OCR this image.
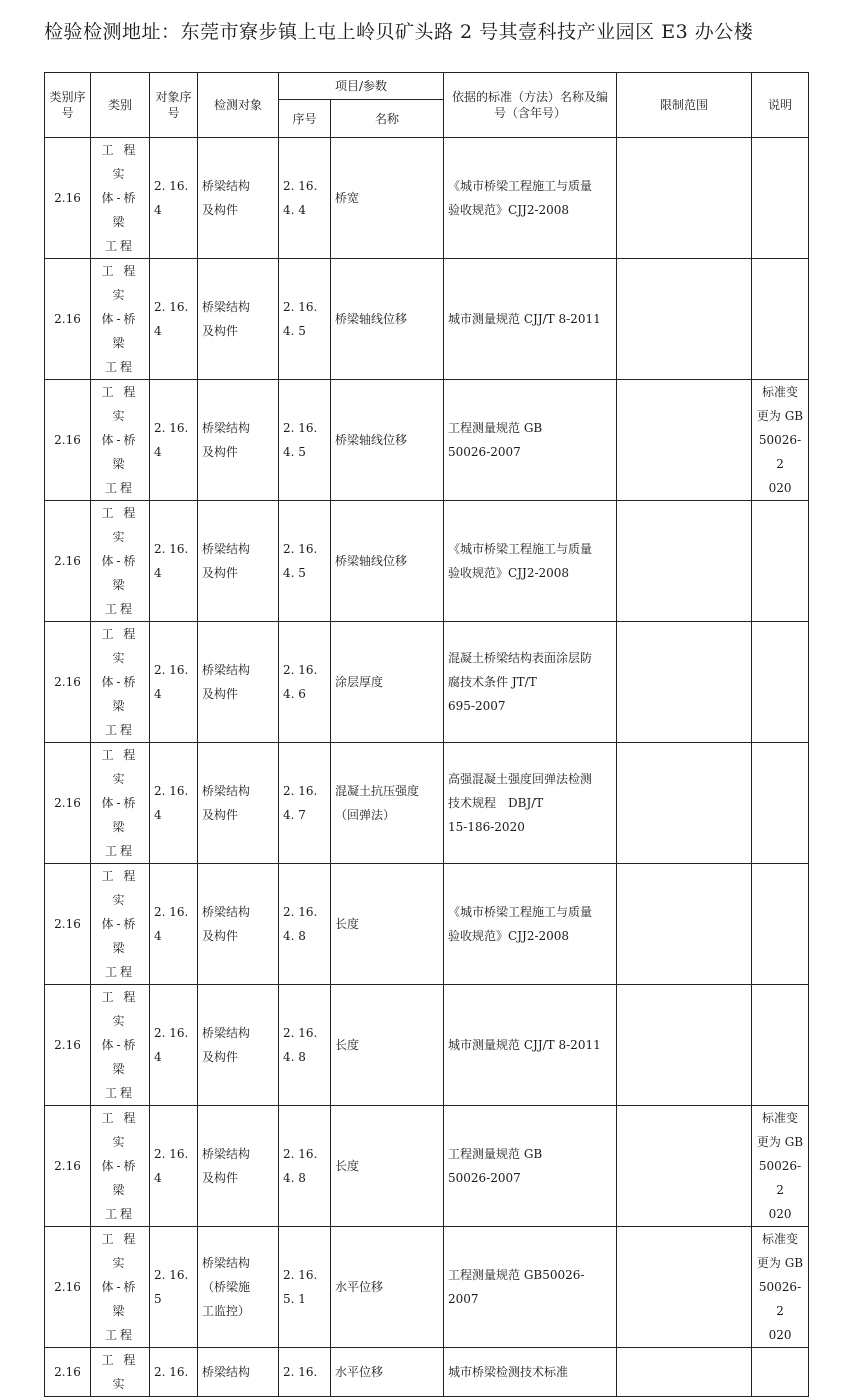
检验检测地址：东莞市寮步镇上屯上岭贝矿头路 2 号其壹科技产业园区 E3 办公楼
类别序号	类别	对象序号	检测对象	项目/参数		依据的标准（方法）名称及编号（含年号）	限制范围	说明
				序号	名称			
2.16	工 程 实
体-桥梁
工程	2. 16.
4	桥梁结构
及构件	2. 16.
4. 4	桥宽	《城市桥梁工程施工与质量
验收规范》CJJ2-2008		

2.16	工 程 实
体-桥梁
工程	2. 16.
4	桥梁结构
及构件	2. 16.
4. 5	桥梁轴线位移	城市测量规范 CJJ/T 8-2011		

2.16	工 程 实
体-桥梁
工程	2. 16.
4	桥梁结构
及构件	2. 16.
4. 5	桥梁轴线位移	工程测量规范 GB
50026-2007		标准变
更为 GB
50026-2
020

2.16	工 程 实
体-桥梁
工程	2. 16.
4	桥梁结构
及构件	2. 16.
4. 5	桥梁轴线位移	《城市桥梁工程施工与质量
验收规范》CJJ2-2008		

2.16	工 程 实
体-桥梁
工程	2. 16.
4	桥梁结构
及构件	2. 16.
4. 6	涂层厚度	混凝土桥梁结构表面涂层防
腐技术条件 JT/T
695-2007		

2.16	工 程 实
体-桥梁
工程	2. 16.
4	桥梁结构
及构件	2. 16.
4. 7	混凝土抗压强度
（回弹法）	高强混凝土强度回弹法检测
技术规程　DBJ/T
15-186-2020		

2.16	工 程 实
体-桥梁
工程	2. 16.
4	桥梁结构
及构件	2. 16.
4. 8	长度	《城市桥梁工程施工与质量
验收规范》CJJ2-2008		

2.16	工 程 实
体-桥梁
工程	2. 16.
4	桥梁结构
及构件	2. 16.
4. 8	长度	城市测量规范 CJJ/T 8-2011		

2.16	工 程 实
体-桥梁
工程	2. 16.
4	桥梁结构
及构件	2. 16.
4. 8	长度	工程测量规范 GB
50026-2007		标准变
更为 GB
50026-2
020

2.16	工 程 实
体-桥梁
工程	2. 16.
5	桥梁结构
（桥梁施
工监控）	2. 16.
5. 1	水平位移	工程测量规范 GB50026-2007		标准变
更为 GB
50026-2
020

2.16	工 程 实	2. 16.	桥梁结构	2. 16.	水平位移	城市桥梁检测技术标准		
